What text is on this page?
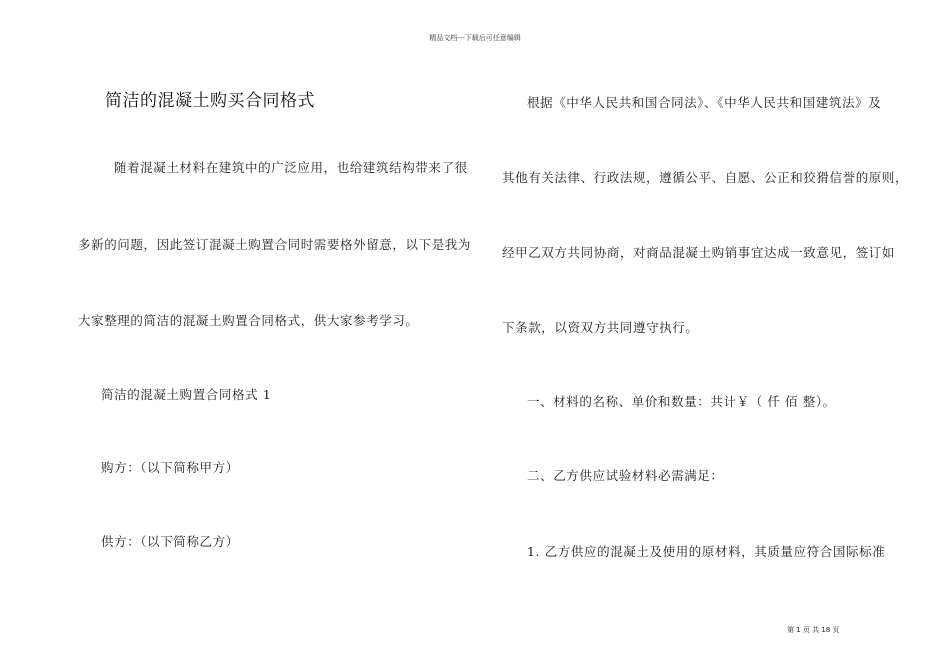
精品文档---下载后可任意编辑
简洁的混凝土购买合同格式
随着混凝土材料在建筑中的广泛应用，也给建筑结构带来了很
多新的问题，因此签订混凝土购置合同时需要格外留意，以下是我为
大家整理的简洁的混凝土购置合同格式，供大家参考学习。
简洁的混凝土购置合同格式 1
购方：（以下简称甲方）
供方：（以下简称乙方）
根据《中华人民共和国合同法》、《中华人民共和国建筑法》及
其他有关法律、行政法规，遵循公平、自愿、公正和狡猾信誉的原则，
经甲乙双方共同协商，对商品混凝土购销事宜达成一致意见，签订如
下条款，以资双方共同遵守执行。
一、材料的名称、单价和数量：共计￥（ 仟 佰 整）。
二、乙方供应试验材料必需满足：
1. 乙方供应的混凝土及使用的原材料，其质量应符合国际标准
第 1 页 共 18 页
